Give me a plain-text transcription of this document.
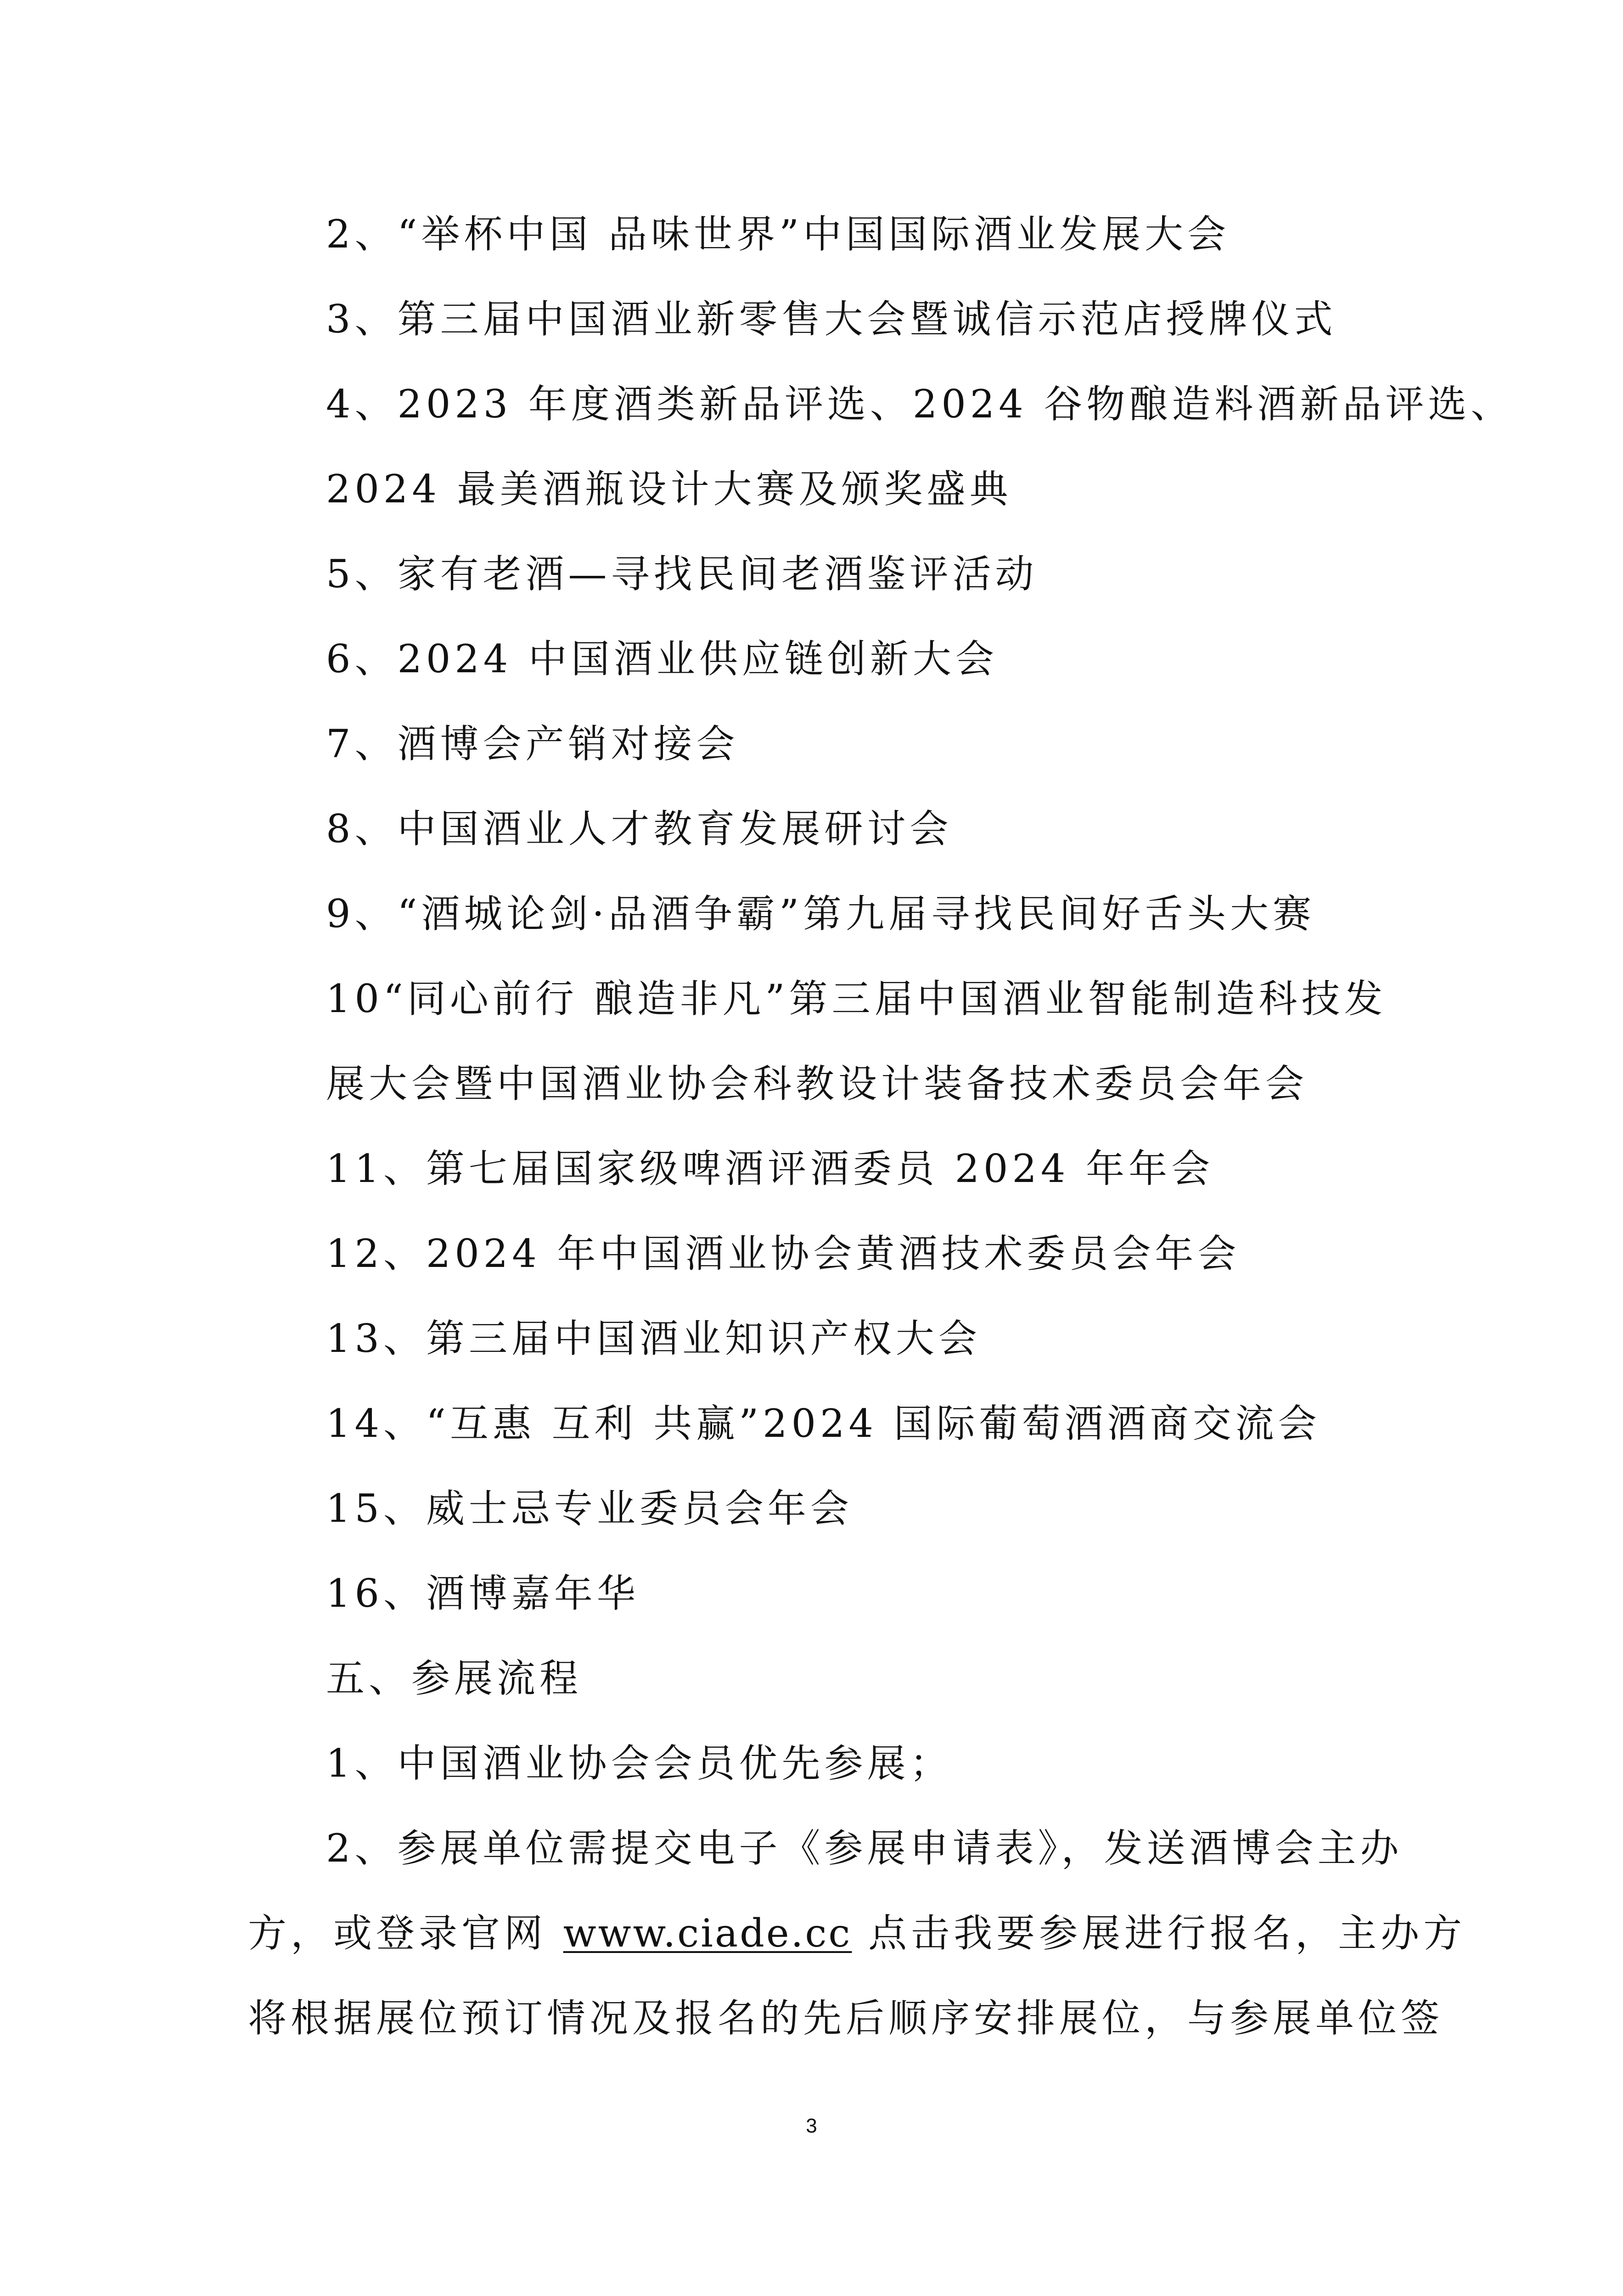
2、“举杯中国 品味世界”中国国际酒业发展大会

3、第三届中国酒业新零售大会暨诚信示范店授牌仪式

4、2023 年度酒类新品评选、2024 谷物酿造料酒新品评选、

2024 最美酒瓶设计大赛及颁奖盛典

5、家有老酒—寻找民间老酒鉴评活动

6、2024 中国酒业供应链创新大会

7、酒博会产销对接会

8、中国酒业人才教育发展研讨会

9、“酒城论剑·品酒争霸”第九届寻找民间好舌头大赛

10“同心前行 酿造非凡”第三届中国酒业智能制造科技发

展大会暨中国酒业协会科教设计装备技术委员会年会

11、第七届国家级啤酒评酒委员 2024 年年会

12、2024 年中国酒业协会黄酒技术委员会年会

13、第三届中国酒业知识产权大会

14、“互惠 互利 共赢”2024 国际葡萄酒酒商交流会

15、威士忌专业委员会年会

16、酒博嘉年华

五、参展流程

1、中国酒业协会会员优先参展；

2、参展单位需提交电子《参展申请表》，发送酒博会主办

方，或登录官网 www.ciade.cc 点击我要参展进行报名，主办方

将根据展位预订情况及报名的先后顺序安排展位，与参展单位签

3
